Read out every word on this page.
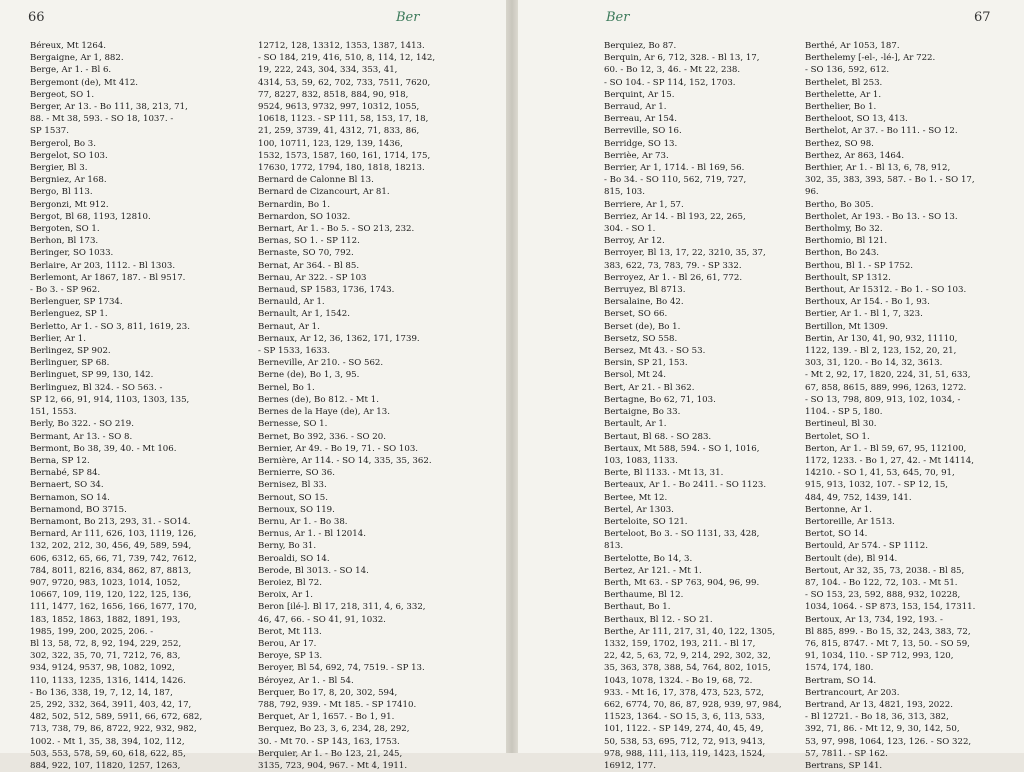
66	Ber
Béreux, Mt 1264.
Bergaigne, Ar 1, 882.
Berge, Ar 1. - Bl 6.
Bergemont (de), Mt 412.
Bergeot, SO 1.
Berger, Ar 13. - Bo 111, 38, 213, 71,
88. - Mt 38, 593. - SO 18, 1037. -
SP 1537.
Bergerol, Bo 3.
Bergelot, SO 103.
Bergier, Bl 3.
Bergniez, Ar 168.
Bergo, Bl 113.
Bergonzi, Mt 912.
Bergot, Bl 68, 1193, 12810.
Bergoten, SO 1.
Berhon, Bl 173.
Beringer, SO 1033.
Berlaire, Ar 203, 1112. - Bl 1303.
Berlemont, Ar 1867, 187. - Bl 9517.
- Bo 3. - SP 962.
Berlenguer, SP 1734.
Berlenguez, SP 1.
Berletto, Ar 1. - SO 3, 811, 1619, 23.
Berlier, Ar 1.
Berlingez, SP 902.
Berlinguer, SP 68.
Berlinguet, SP 99, 130, 142.
Berlinguez, Bl 324. - SO 563. -
SP 12, 66, 91, 914, 1103, 1303, 135,
151, 1553.
Berly, Bo 322. - SO 219.
Bermant, Ar 13. - SO 8.
Bermont, Bo 38, 39, 40. - Mt 106.
Berna, SP 12.
Bernabé, SP 84.
Bernaert, SO 34.
Bernamon, SO 14.
Bernamond, BO 3715.
Bernamont, Bo 213, 293, 31. - SO14.
Bernard, Ar 111, 626, 103, 1119, 126,
132, 202, 212, 30, 456, 49, 589, 594,
606, 6312, 65, 66, 71, 739, 742, 7612,
784, 8011, 8216, 834, 862, 87, 8813,
907, 9720, 983, 1023, 1014, 1052,
10667, 109, 119, 120, 122, 125, 136,
111, 1477, 162, 1656, 166, 1677, 170,
183, 1852, 1863, 1882, 1891, 193,
1985, 199, 200, 2025, 206. -
Bl 13, 58, 72, 8, 92, 194, 229, 252,
302, 322, 35, 70, 71, 7212, 76, 83,
934, 9124, 9537, 98, 1082, 1092,
110, 1133, 1235, 1316, 1414, 1426.
- Bo 136, 338, 19, 7, 12, 14, 187,
25, 292, 332, 364, 3911, 403, 42, 17,
482, 502, 512, 589, 5911, 66, 672, 682,
713, 738, 79, 86, 8722, 922, 932, 982,
1002. - Mt 1, 35, 38, 394, 102, 112,
503, 553, 578, 59, 60, 618, 622, 85,
884, 922, 107, 11820, 1257, 1263,
12712, 128, 13312, 1353, 1387, 1413.
- SO 184, 219, 416, 510, 8, 114, 12, 142,
19, 222, 243, 304, 334, 353, 41,
4314, 53, 59, 62, 702, 733, 7511, 7620,
77, 8227, 832, 8518, 884, 90, 918,
9524, 9613, 9732, 997, 10312, 1055,
10618, 1123. - SP 111, 58, 153, 17, 18,
21, 259, 3739, 41, 4312, 71, 833, 86,
100, 10711, 123, 129, 139, 1436,
1532, 1573, 1587, 160, 161, 1714, 175,
17630, 1772, 1794, 180, 1818, 18213.
Bernard de Calonne Bl 13.
Bernard de Cizancourt, Ar 81.
Bernardin, Bo 1.
Bernardon, SO 1032.
Bernart, Ar 1. - Bo 5. - SO 213, 232.
Bernas, SO 1. - SP 112.
Bernaste, SO 70, 792.
Bernat, Ar 364. - Bl 85.
Bernau, Ar 322. - SP 103
Bernaud, SP 1583, 1736, 1743.
Bernauld, Ar 1.
Bernault, Ar 1, 1542.
Bernaut, Ar 1.
Bernaux, Ar 12, 36, 1362, 171, 1739.
- SP 1533, 1633.
Berneville, Ar 210. - SO 562.
Berne (de), Bo 1, 3, 95.
Bernel, Bo 1.
Bernes (de), Bo 812. - Mt 1.
Bernes de la Haye (de), Ar 13.
Bernesse, SO 1.
Bernet, Bo 392, 336. - SO 20.
Bernier, Ar 49. - Bo 19, 71. - SO 103.
Bernière, Ar 114. - SO 14, 335, 35, 362.
Bernierre, SO 36.
Bernisez, Bl 33.
Bernout, SO 15.
Bernoux, SO 119.
Bernu, Ar 1. - Bo 38.
Bernus, Ar 1. - Bl 12014.
Berny, Bo 31.
Beroaldi, SO 14.
Berode, Bl 3013. - SO 14.
Beroiez, Bl 72.
Beroix, Ar 1.
Beron [ilé-]. Bl 17, 218, 311, 4, 6, 332,
46, 47, 66. - SO 41, 91, 1032.
Berot, Mt 113.
Berou, Ar 17.
Beroye, SP 13.
Beroyer, Bl 54, 692, 74, 7519. - SP 13.
Béroyez, Ar 1. - Bl 54.
Berquer, Bo 17, 8, 20, 302, 594,
788, 792, 939. - Mt 185. - SP 17410.
Berquet, Ar 1, 1657. - Bo 1, 91.
Berquez, Bo 23, 3, 6, 234, 28, 292,
30. - Mt 70. - SP 143, 163, 1753.
Berquier, Ar 1. - Bo 123, 21, 245,
3135, 723, 904, 967. - Mt 4, 1911.
Ber	67
Berquiez, Bo 87.
Berquin, Ar 6, 712, 328. - Bl 13, 17,
60. - Bo 12, 3, 46. - Mt 22, 238.
- SO 104. - SP 114, 152, 1703.
Berquint, Ar 15.
Berraud, Ar 1.
Berreau, Ar 154.
Berreville, SO 16.
Berridge, SO 13.
Berrièe, Ar 73.
Berrier, Ar 1, 1714. - Bl 169, 56.
- Bo 34. - SO 110, 562, 719, 727,
815, 103.
Berriere, Ar 1, 57.
Berriez, Ar 14. - Bl 193, 22, 265,
304. - SO 1.
Berroy, Ar 12.
Berroyer, Bl 13, 17, 22, 3210, 35, 37,
383, 622, 73, 783, 79. - SP 332.
Berroyez, Ar 1. - Bl 26, 61, 772.
Berruyez, Bl 8713.
Bersalaine, Bo 42.
Berset, SO 66.
Berset (de), Bo 1.
Bersetz, SO 558.
Bersez, Mt 43. - SO 53.
Bersin, SP 21, 153.
Bersol, Mt 24.
Bert, Ar 21. - Bl 362.
Bertagne, Bo 62, 71, 103.
Bertaigne, Bo 33.
Bertault, Ar 1.
Bertaut, Bl 68. - SO 283.
Bertaux, Mt 588, 594. - SO 1, 1016,
103, 1083, 1133.
Berte, Bl 1133. - Mt 13, 31.
Berteaux, Ar 1. - Bo 2411. - SO 1123.
Bertee, Mt 12.
Bertel, Ar 1303.
Berteloite, SO 121.
Berteloot, Bo 3. - SO 1131, 33, 428,
813.
Bertelotte, Bo 14, 3.
Bertez, Ar 121. - Mt 1.
Berth, Mt 63. - SP 763, 904, 96, 99.
Berthaume, Bl 12.
Berthaut, Bo 1.
Berthaux, Bl 12. - SO 21.
Berthe, Ar 111, 217, 31, 40, 122, 1305,
1332, 159, 1702, 193, 211. - Bl 17,
22, 42, 5, 63, 72, 9, 214, 292, 302, 32,
35, 363, 378, 388, 54, 764, 802, 1015,
1043, 1078, 1324. - Bo 19, 68, 72.
933. - Mt 16, 17, 378, 473, 523, 572,
662, 6774, 70, 86, 87, 928, 939, 97, 984,
11523, 1364. - SO 15, 3, 6, 113, 533,
101, 1122. - SP 149, 274, 40, 45, 49,
50, 538, 53, 695, 712, 72, 913, 9413,
978, 988, 111, 113, 119, 1423, 1524,
16912, 177.
Berthé, Ar 1053, 187.
Berthelemy [-el-, -lé-], Ar 722.
- SO 136, 592, 612.
Berthelet, Bl 253.
Berthelette, Ar 1.
Berthelier, Bo 1.
Bertheloot, SO 13, 413.
Berthelot, Ar 37. - Bo 111. - SO 12.
Berthez, SO 98.
Berthez, Ar 863, 1464.
Berthier, Ar 1. - Bl 13, 6, 78, 912,
302, 35, 383, 393, 587. - Bo 1. - SO 17,
96.
Bertho, Bo 305.
Bertholet, Ar 193. - Bo 13. - SO 13.
Bertholmy, Bo 32.
Berthomio, Bl 121.
Berthon, Bo 243.
Berthou, Bl 1. - SP 1752.
Berthoult, SP 1312.
Berthout, Ar 15312. - Bo 1. - SO 103.
Berthoux, Ar 154. - Bo 1, 93.
Bertier, Ar 1. - Bl 1, 7, 323.
Bertillon, Mt 1309.
Bertin, Ar 130, 41, 90, 932, 11110,
1122, 139. - Bl 2, 123, 152, 20, 21,
303, 31, 120. - Bo 14, 32, 3613.
- Mt 2, 92, 17, 1820, 224, 31, 51, 633,
67, 858, 8615, 889, 996, 1263, 1272.
- SO 13, 798, 809, 913, 102, 1034, -
1104. - SP 5, 180.
Bertineul, Bl 30.
Bertolet, SO 1.
Berton, Ar 1. - Bl 59, 67, 95, 112100,
1172, 1233. - Bo 1, 27, 42. - Mt 14114,
14210. - SO 1, 41, 53, 645, 70, 91,
915, 913, 1032, 107. - SP 12, 15,
484, 49, 752, 1439, 141.
Bertonne, Ar 1.
Bertoreille, Ar 1513.
Bertot, SO 14.
Bertould, Ar 574. - SP 1112.
Bertoult (de), Bl 914.
Bertout, Ar 32, 35, 73, 2038. - Bl 85,
87, 104. - Bo 122, 72, 103. - Mt 51.
- SO 153, 23, 592, 888, 932, 10228,
1034, 1064. - SP 873, 153, 154, 17311.
Bertoux, Ar 13, 734, 192, 193. -
Bl 885, 899. - Bo 15, 32, 243, 383, 72,
76, 815, 8747. - Mt 7, 13, 50. - SO 59,
91, 1034, 110. - SP 712, 993, 120,
1574, 174, 180.
Bertram, SO 14.
Bertrancourt, Ar 203.
Bertrand, Ar 13, 4821, 193, 2022.
- Bl 12721. - Bo 18, 36, 313, 382,
392, 71, 86. - Mt 12, 9, 30, 142, 50,
53, 97, 998, 1064, 123, 126. - SO 322,
57, 7811. - SP 162.
Bertrans, SP 141.
